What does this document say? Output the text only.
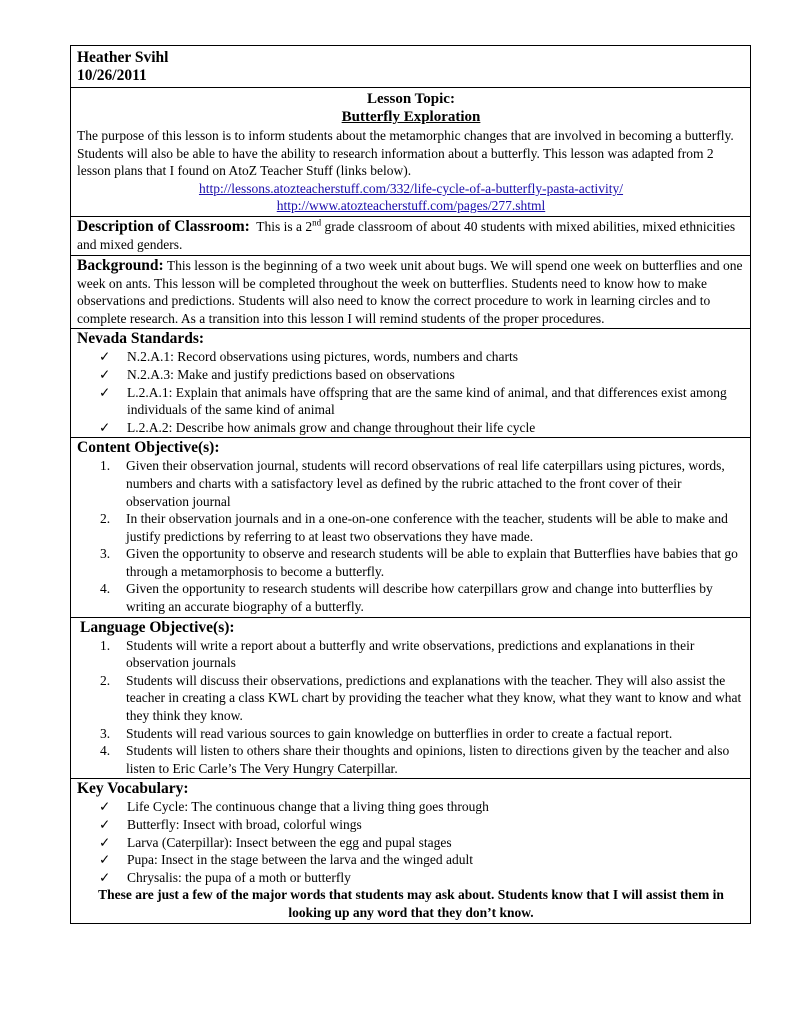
Heather Svihl
10/26/2011

Lesson Topic:
Butterfly Exploration
The purpose of this lesson is to inform students about the metamorphic changes that are involved in becoming a butterfly. Students will also be able to have the ability to research information about a butterfly. This lesson was adapted from 2 lesson plans that I found on AtoZ Teacher Stuff (links below).
http://lessons.atozteacherstuff.com/332/life-cycle-of-a-butterfly-pasta-activity/
http://www.atozteacherstuff.com/pages/277.shtml

Description of Classroom: This is a 2nd grade classroom of about 40 students with mixed abilities, mixed ethnicities and mixed genders.
Background: This lesson is the beginning of a two week unit about bugs. We will spend one week on butterflies and one week on ants. This lesson will be completed throughout the week on butterflies. Students need to know how to make observations and predictions. Students will also need to know the correct procedure to work in learning circles and to complete research. As a transition into this lesson I will remind students of the proper procedures.

Nevada Standards:
✓	N.2.A.1: Record observations using pictures, words, numbers and charts
✓	N.2.A.3: Make and justify predictions based on observations
✓	L.2.A.1: Explain that animals have offspring that are the same kind of animal, and that differences exist among individuals of the same kind of animal
✓	L.2.A.2: Describe how animals grow and change throughout their life cycle

Content Objective(s):
1. Given their observation journal, students will record observations of real life caterpillars using pictures, words, numbers and charts with a satisfactory level as defined by the rubric attached to the front cover of their observation journal
2. In their observation journals and in a one-on-one conference with the teacher, students will be able to make and justify predictions by referring to at least two observations they have made.
3. Given the opportunity to observe and research students will be able to explain that Butterflies have babies that go through a metamorphosis to become a butterfly.
4. Given the opportunity to research students will describe how caterpillars grow and change into butterflies by writing an accurate biography of a butterfly.

Language Objective(s):
1. Students will write a report about a butterfly and write observations, predictions and explanations in their observation journals
2. Students will discuss their observations, predictions and explanations with the teacher. They will also assist the teacher in creating a class KWL chart by providing the teacher what they know, what they want to know and what they think they know.
3. Students will read various sources to gain knowledge on butterflies in order to create a factual report.
4. Students will listen to others share their thoughts and opinions, listen to directions given by the teacher and also listen to Eric Carle’s The Very Hungry Caterpillar.

Key Vocabulary:
✓	Life Cycle: The continuous change that a living thing goes through
✓	Butterfly: Insect with broad, colorful wings
✓	Larva (Caterpillar): Insect between the egg and pupal stages
✓	Pupa: Insect in the stage between the larva and the winged adult
✓	Chrysalis: the pupa of a moth or butterfly
These are just a few of the major words that students may ask about. Students know that I will assist them in looking up any word that they don’t know.
